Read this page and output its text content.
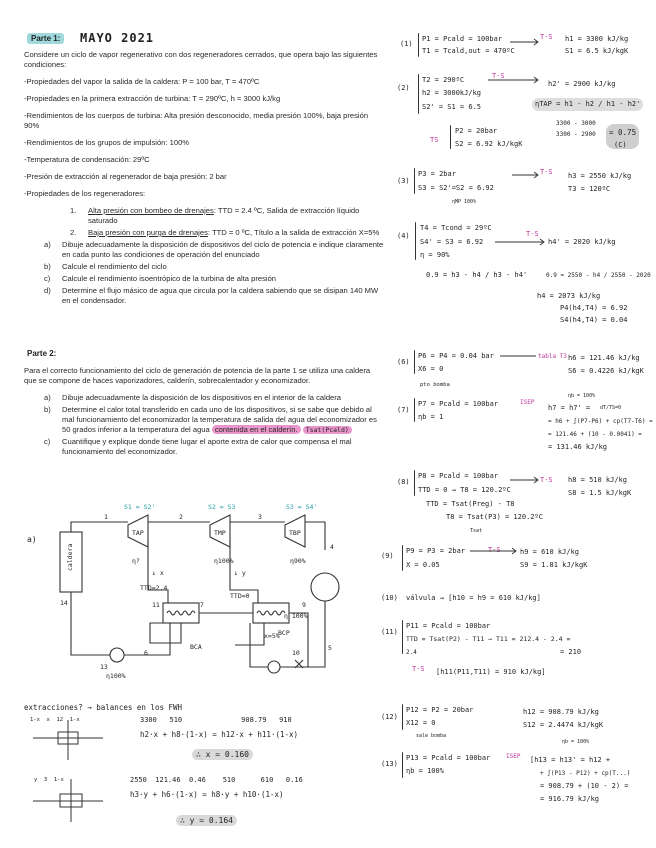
Parte 1:	MAYO 2021

Considere un ciclo de vapor regenerativo con dos regeneradores cerrados, que opera bajo las siguientes condiciones:

-Propiedades del vapor la salida de la caldera: P = 100 bar, T = 470ºC

-Propiedades en la primera extracción de turbina: T = 290ºC, h = 3000 kJ/kg

-Rendimientos de los cuerpos de turbina: Alta presión desconocido, media presión 100%, baja presión 90%

-Rendimientos de los grupos de impulsión: 100%

-Temperatura de condensación: 29ºC

-Presión de extracción al regenerador de baja presión: 2 bar

-Propiedades de los regeneradores:

1. Alta presión con bombeo de drenajes: TTD = 2.4 ºC, Salida de extracción líquido saturado
2. Baja presión con purga de drenajes: TTD = 0 ºC, Título a la salida de extracción X=5%
a) Dibuje adecuadamente la disposición de dispositivos del ciclo de potencia e indique claramente en cada punto las condiciones de operación del enunciado
b) Calcule el rendimiento del ciclo
c) Calcule el rendimiento isoentrópico de la turbina de alta presión
d) Determine el flujo másico de agua que circula por la caldera sabiendo que se disipan 140 MW en el condensador.
Parte 2:

Para el correcto funcionamiento del ciclo de generación de potencia de la parte 1 se utiliza una caldera que se compone de haces vaporizadores, calderín, sobrecalentador y economizador.

a) Dibuje adecuadamente la disposición de los dispositivos en el interior de la caldera
b) Determine el calor total transferido en cada uno de los dispositivos, si se sabe que debido al mal funcionamiento del economizador la temperatura de salida del agua del economizador es 50 grados inferior a la temperatura del agua contenida en el calderín. Tsat(Pcald)
c) Cuantifique y explique donde tiene lugar el aporte extra de calor que compensa el mal funcionamiento del economizador.
a)
caldera
TAP	TMP	TBP
η?	η100%	η90%
↓ x	↓ y
S1 = S2'	S2 = S3	S3 = S4'
1	2	3
4
6
5
13
14	11	7	9
10
TTD=2.4
TTD=0
x=5%
BCA
BCP
η100%
η 100%
extracciones? → balances en los FWH
1-x  x  12  1-x	3300   510              908.79   910
h2·x + h8·(1-x) = h12·x + h11·(1-x)
∴ x = 0.160
y  3  1-x	2550  121.46  0.46    510      610   0.16
h3·y + h6·(1-x) = h8·y + h10·(1-x)
∴ y = 0.164
(1)
P1 = Pcald = 100bar
T1 = Tcald,out = 470ºC
T-S h1 = 3300 kJ/kg
S1 = 6.5 kJ/kgK
(2)
T2 = 290ºC
h2 = 3000kJ/kg
S2' = S1 = 6.5
T-S
h2' = 2900 kJ/kg
ηTAP = h1 - h2 / h1 - h2'
3300 - 3000
3300 - 2900	= 0.75
(C)
TS
P2 = 20bar
S2 = 6.92 kJ/kgK
(3)
P3 = 2bar
S3 = S2'=S2 = 6.92
ηMP 100%
T-S h3 = 2550 kJ/kg
T3 = 120ºC
(4)
T4 = Tcond = 29ºC
S4' = S3 = 6.92
η = 90%
T-S
h4' = 2020 kJ/kg
0.9 = h3 - h4 / h3 - h4'	0.9 = 2550 - h4 / 2550 - 2020
h4 = 2073 kJ/kg
P4(h4,T4) = 6.92
S4(h4,T4) = 0.04
(6)
P6 = P4 = 0.04 bar
X6 = 0
pto bomba
tabla T3 h6 = 121.46 kJ/kg
S6 = 0.4226 kJ/kgK
(7)
P7 = Pcald = 100bar
ηb = 1
ISEP
ηb = 100%
h7 = h7' = dT/TS=0
= h6 + ∫(P7-P6) + cp(T7-T6) =
= 121.46 + (10 - 0.0041) =
= 131.46 kJ/kg
(8)
P8 = Pcald = 100bar
TTD = 0 → T8 = 120.2ºC
TTD = Tsat(Preg) - T8
T8 = Tsat(P3) = 120.2ºC
Tsat
T-S h8 = 510 kJ/kg
S8 = 1.5 kJ/kgK
(9)
P9 = P3 = 2bar
X = 0.05
T-S	h9 = 610 kJ/kg
S9 = 1.81 kJ/kgK
(10) válvula → [h10 = h9 = 610 kJ/kg]
(11)
P11 = Pcald = 100bar
TTD = Tsat(P2) - T11 → T11 = 212.4 - 2.4 =
2.4	= 210
T-S [h11(P11,T11) = 910 kJ/kg]
(12)
P12 = P2 = 20bar
X12 = 0
sale bomba
h12 = 908.79 kJ/kg
S12 = 2.4474 kJ/kgK
(13)
P13 = Pcald = 100bar
ηb = 100%
ISEP
ηb = 100%
[h13 = h13' = h12 +
+ ∫(P13 - P12) + cp(T...)
= 908.79 + (10 - 2) =
= 916.79 kJ/kg
